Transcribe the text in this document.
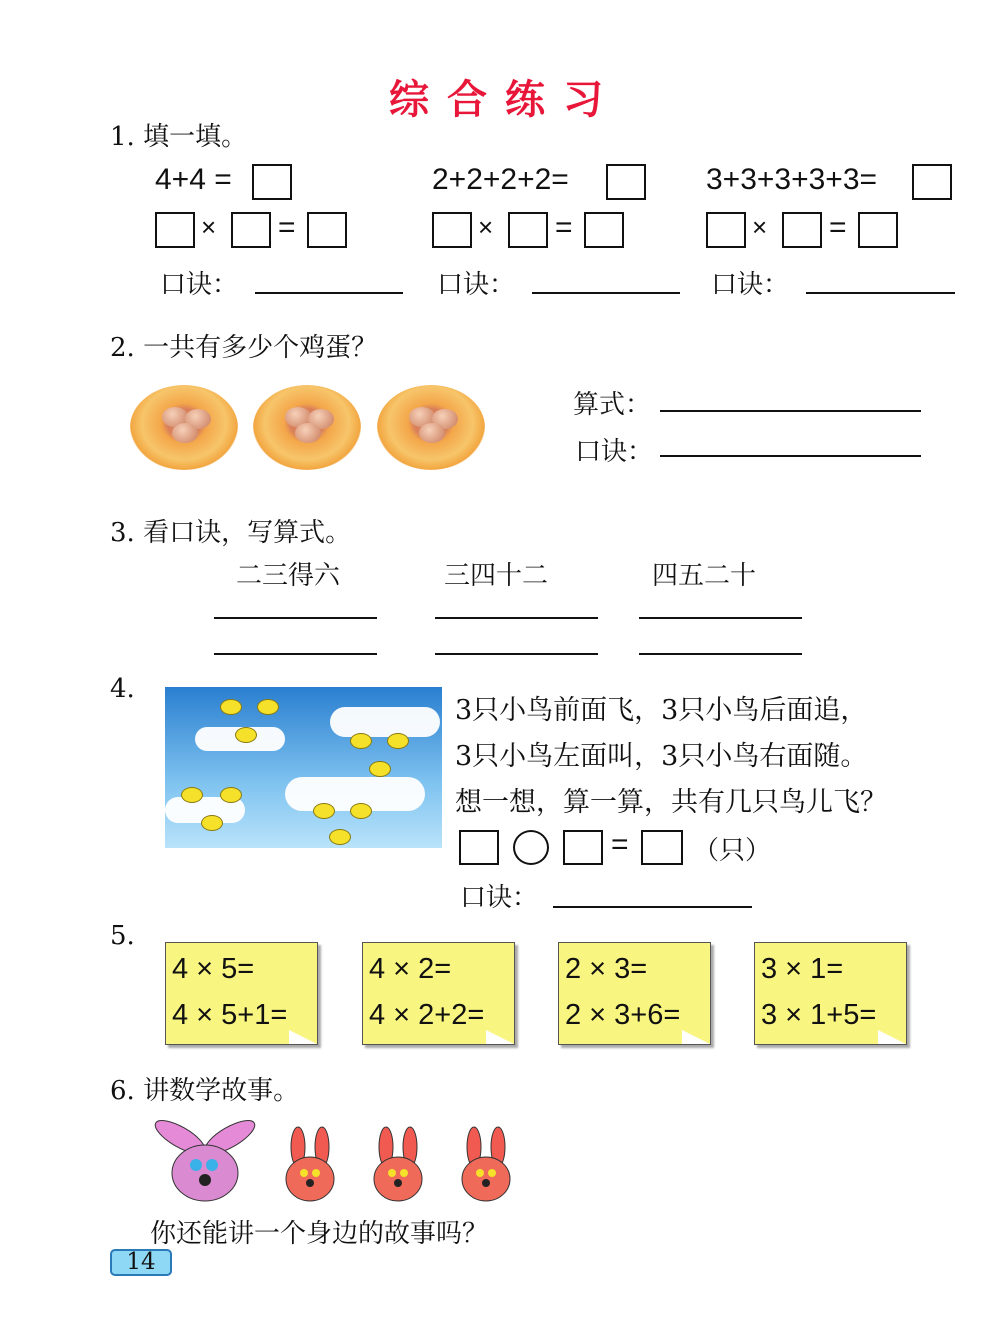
综合练习
1. 填一填。
4+4 =	2+2+2+2=	3+3+3+3+3=
× =	× =	× =
口诀：	口诀：	口诀：
2. 一共有多少个鸡蛋？
算式：
口诀：
3. 看口诀，写算式。
二三得六	三四十二	四五二十
4.
3只小鸟前面飞，3只小鸟后面追，
3只小鸟左面叫，3只小鸟右面随。
想一想，算一算，共有几只鸟儿飞？
= （只）
口诀：
5.
4 × 5=
4 × 5+1=
4 × 2=
4 × 2+2=
2 × 3=
2 × 3+6=
3 × 1=
3 × 1+5=
6. 讲数学故事。
你还能讲一个身边的故事吗？
14
